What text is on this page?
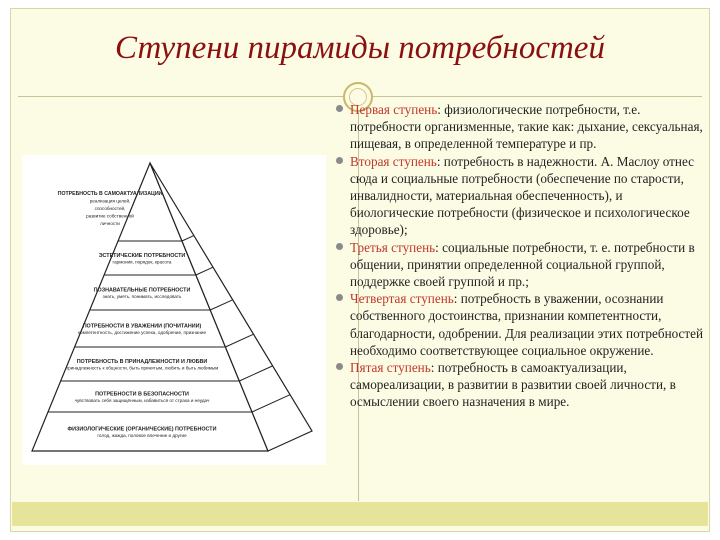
Ступени пирамиды потребностей
ПОТРЕБНОСТЬ В САМОАКТУАЛИЗАЦИИ
реализация целей,
способностей,
развитие собственной
личности
ЭСТЕТИЧЕСКИЕ ПОТРЕБНОСТИ
гармония, порядок, красота
ПОЗНАВАТЕЛЬНЫЕ ПОТРЕБНОСТИ
знать, уметь, понимать, исследовать
ПОТРЕБНОСТИ В УВАЖЕНИИ (ПОЧИТАНИИ)
компетентность, достижение успеха, одобрение, признание
ПОТРЕБНОСТЬ В ПРИНАДЛЕЖНОСТИ И ЛЮБВИ
принадлежность к общности, быть принятым, любить и быть любимым
ПОТРЕБНОСТИ В БЕЗОПАСНОСТИ
чувствовать себя защищённым, избавиться от страха и неудач
ФИЗИОЛОГИЧЕСКИЕ (ОРГАНИЧЕСКИЕ) ПОТРЕБНОСТИ
голод, жажда, половое влечение и другие
Первая ступень: физиологические потребности, т.е. потребности организменные, такие как: дыхание, сексуальная, пищевая, в определенной температуре и пр.
Вторая ступень: потребность в надежности. А. Маслоу отнес сюда и социальные потребности (обеспечение по старости, инвалидности, материальная обеспеченность), и биологические потребности (физическое и психологическое здоровье);
Третья ступень: социальные потребности, т. е. потребности в общении, принятии определенной социальной группой, поддержке своей группой и пр.;
Четвертая ступень: потребность в уважении, осознании собственного достоинства, признании компетентности, благодарности, одобрении. Для реализации этих потребностей необходимо соответствующее социальное окружение.
Пятая ступень: потребность в самоактуализации, самореализации, в развитии в развитии своей личности, в осмыслении своего назначения в мире.
